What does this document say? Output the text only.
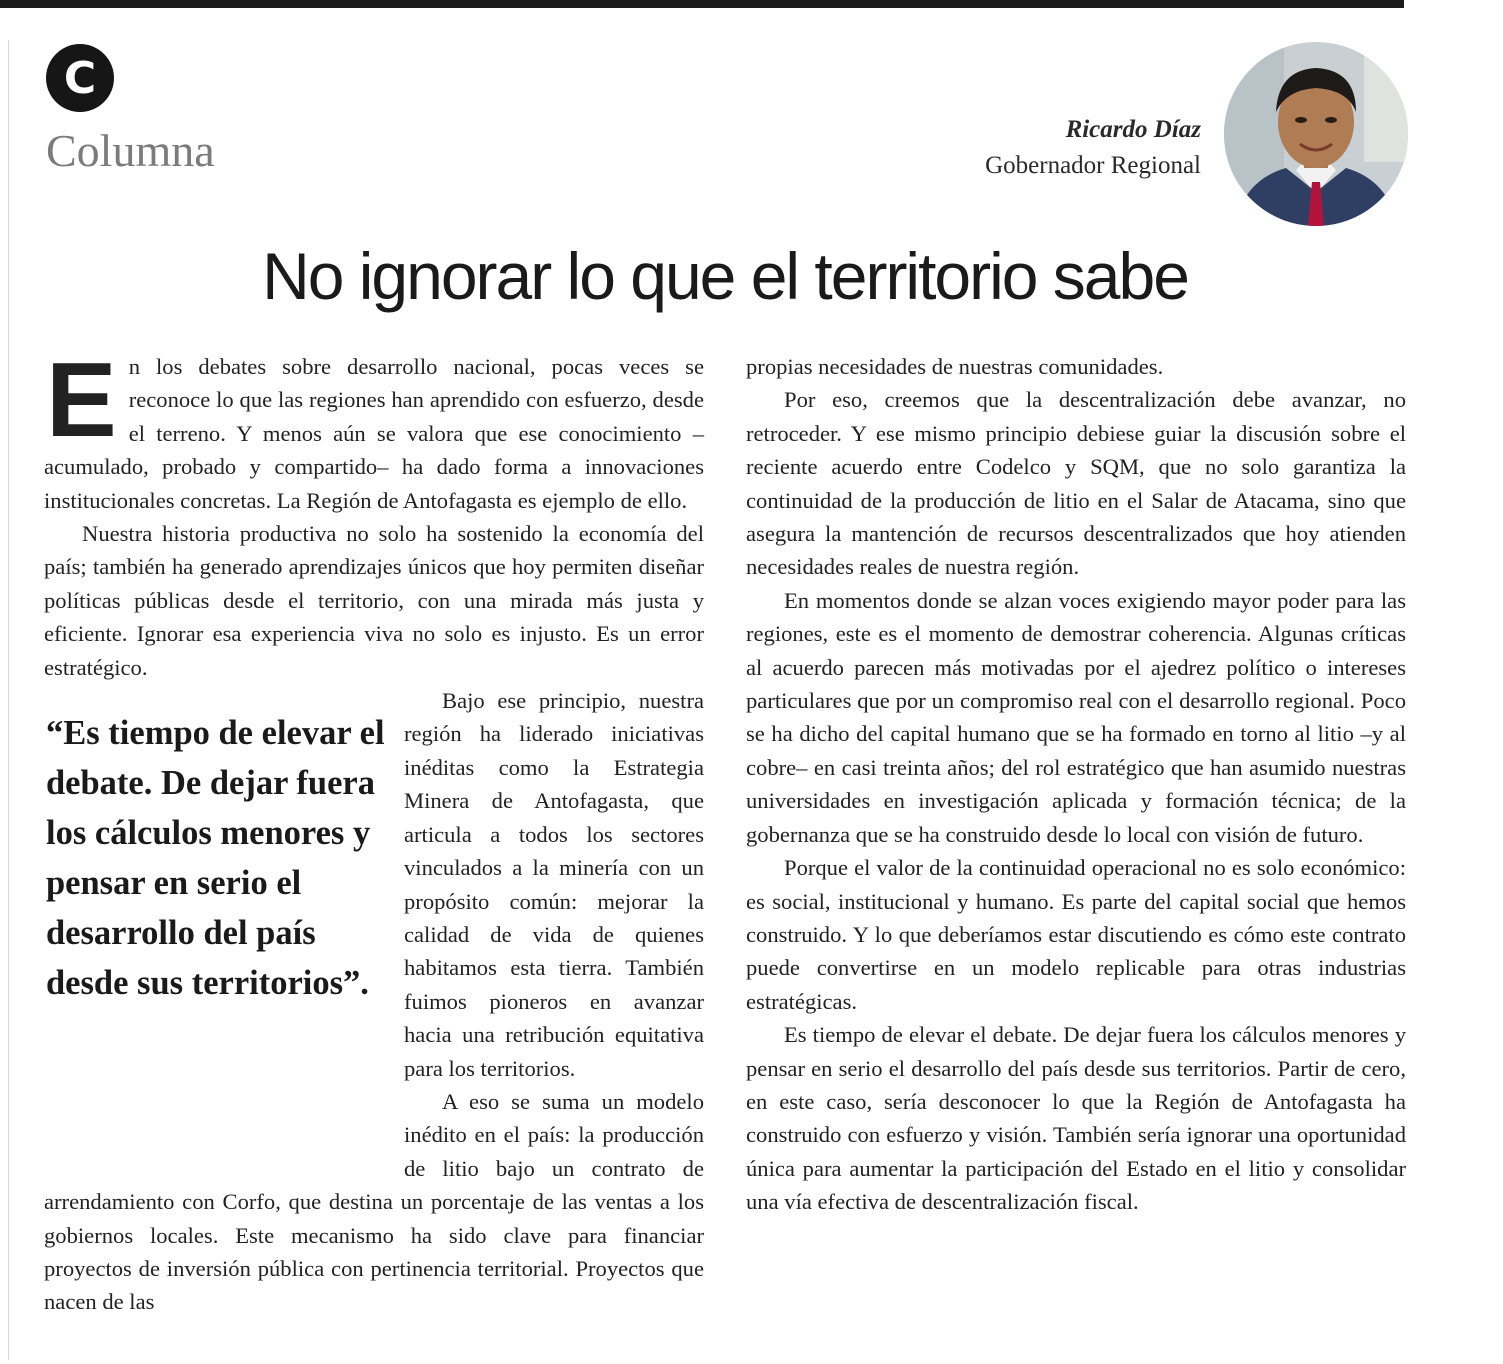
C
Columna	Ricardo Díaz
Gobernador Regional
No ignorar lo que el territorio sabe

En los debates sobre desarrollo nacional, pocas veces se reconoce lo que las regiones han aprendido con esfuerzo, desde el terreno. Y menos aún se valora que ese conocimiento –acumulado, probado y compartido– ha dado forma a innovaciones institucionales concretas. La Región de Antofagasta es ejemplo de ello.

Nuestra historia productiva no solo ha sostenido la economía del país; también ha generado aprendizajes únicos que hoy permiten diseñar políticas públicas desde el territorio, con una mirada más justa y eficiente. Ignorar esa experiencia viva no solo es injusto. Es un error estratégico.

“Es tiempo de elevar el debate. De dejar fuera los cálculos menores y pensar en serio el desarrollo del país desde sus territorios”.

Bajo ese principio, nuestra región ha liderado iniciativas inéditas como la Estrategia Minera de Antofagasta, que articula a todos los sectores vinculados a la minería con un propósito común: mejorar la calidad de vida de quienes habitamos esta tierra. También fuimos pioneros en avanzar hacia una retribución equitativa para los territorios.

A eso se suma un modelo inédito en el país: la producción de litio bajo un contrato de arrendamiento con Corfo, que destina un porcentaje de las ventas a los gobiernos locales. Este mecanismo ha sido clave para financiar proyectos de inversión pública con pertinencia territorial. Proyectos que nacen de las

propias necesidades de nuestras comunidades.

Por eso, creemos que la descentralización debe avanzar, no retroceder. Y ese mismo principio debiese guiar la discusión sobre el reciente acuerdo entre Codelco y SQM, que no solo garantiza la continuidad de la producción de litio en el Salar de Atacama, sino que asegura la mantención de recursos descentralizados que hoy atienden necesidades reales de nuestra región.

En momentos donde se alzan voces exigiendo mayor poder para las regiones, este es el momento de demostrar coherencia. Algunas críticas al acuerdo parecen más motivadas por el ajedrez político o intereses particulares que por un compromiso real con el desarrollo regional. Poco se ha dicho del capital humano que se ha formado en torno al litio –y al cobre– en casi treinta años; del rol estratégico que han asumido nuestras universidades en investigación aplicada y formación técnica; de la gobernanza que se ha construido desde lo local con visión de futuro.

Porque el valor de la continuidad operacional no es solo económico: es social, institucional y humano. Es parte del capital social que hemos construido. Y lo que deberíamos estar discutiendo es cómo este contrato puede convertirse en un modelo replicable para otras industrias estratégicas.

Es tiempo de elevar el debate. De dejar fuera los cálculos menores y pensar en serio el desarrollo del país desde sus territorios. Partir de cero, en este caso, sería desconocer lo que la Región de Antofagasta ha construido con esfuerzo y visión. También sería ignorar una oportunidad única para aumentar la participación del Estado en el litio y consolidar una vía efectiva de descentralización fiscal.
